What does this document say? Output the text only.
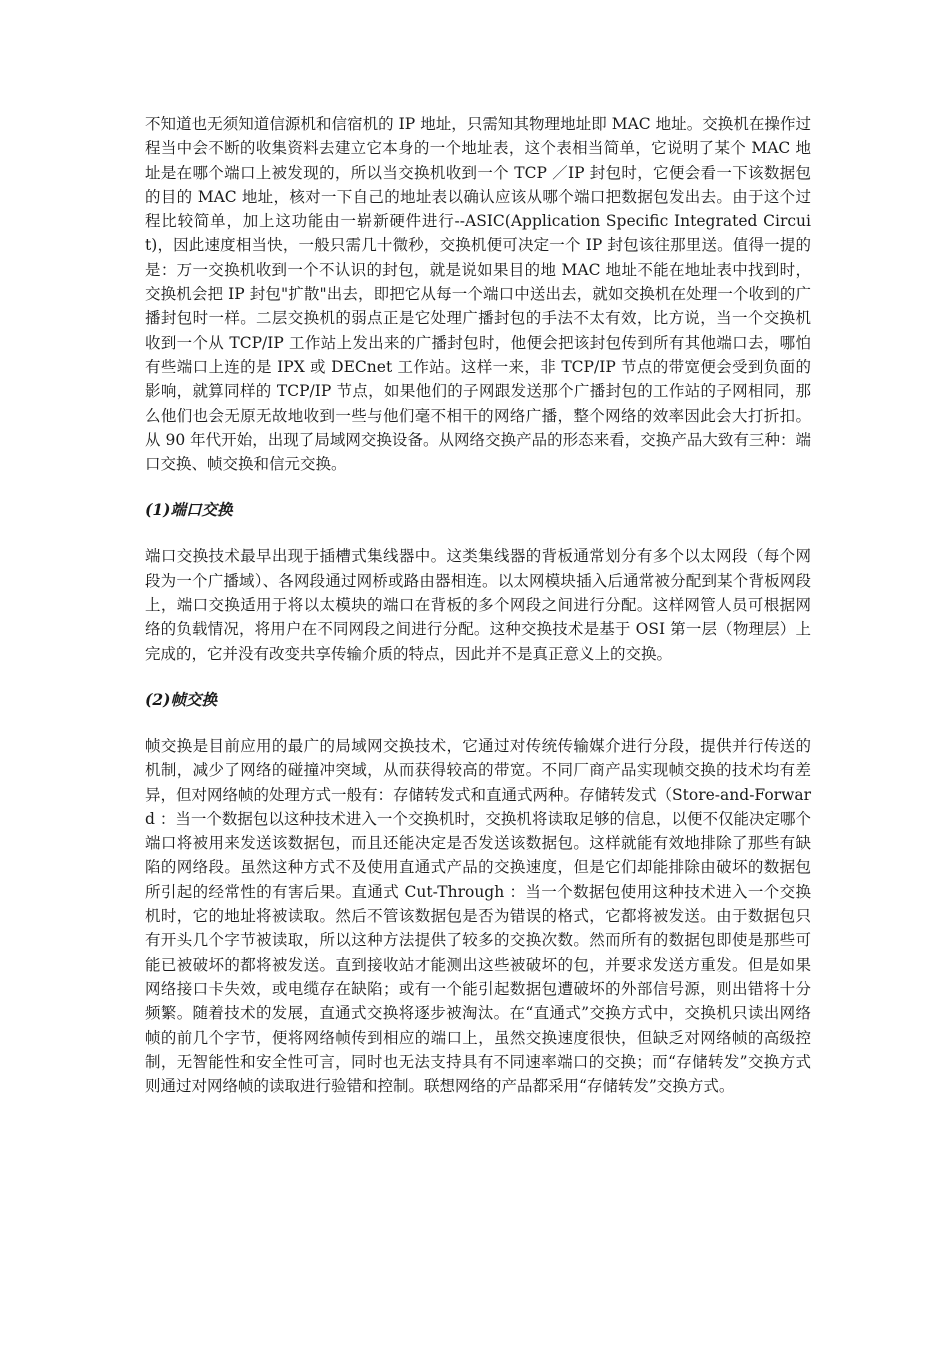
不知道也无须知道信源机和信宿机的 IP 地址，只需知其物理地址即 MAC 地址。交换机在操作过程当中会不断的收集资料去建立它本身的一个地址表，这个表相当简单，它说明了某个 MAC 地址是在哪个端口上被发现的，所以当交换机收到一个 TCP ／IP 封包时，它便会看一下该数据包的目的 MAC 地址，核对一下自己的地址表以确认应该从哪个端口把数据包发出去。由于这个过程比较简单，加上这功能由一崭新硬件进行--ASIC(Application Specific Integrated Circuit)，因此速度相当快，一般只需几十微秒，交换机便可决定一个 IP 封包该往那里送。值得一提的是：万一交换机收到一个不认识的封包，就是说如果目的地 MAC 地址不能在地址表中找到时，交换机会把 IP 封包"扩散"出去，即把它从每一个端口中送出去，就如交换机在处理一个收到的广播封包时一样。二层交换机的弱点正是它处理广播封包的手法不太有效，比方说，当一个交换机收到一个从 TCP/IP 工作站上发出来的广播封包时，他便会把该封包传到所有其他端口去，哪怕有些端口上连的是 IPX 或 DECnet 工作站。这样一来，非 TCP/IP 节点的带宽便会受到负面的影响，就算同样的 TCP/IP 节点，如果他们的子网跟发送那个广播封包的工作站的子网相同，那么他们也会无原无故地收到一些与他们毫不相干的网络广播，整个网络的效率因此会大打折扣。从 90 年代开始，出现了局域网交换设备。从网络交换产品的形态来看，交换产品大致有三种：端口交换、帧交换和信元交换。

(1)端口交换

端口交换技术最早出现于插槽式集线器中。这类集线器的背板通常划分有多个以太网段（每个网段为一个广播域）、各网段通过网桥或路由器相连。以太网模块插入后通常被分配到某个背板网段上，端口交换适用于将以太模块的端口在背板的多个网段之间进行分配。这样网管人员可根据网络的负载情况，将用户在不同网段之间进行分配。这种交换技术是基于 OSI 第一层（物理层）上完成的，它并没有改变共享传输介质的特点，因此并不是真正意义上的交换。

(2)帧交换

帧交换是目前应用的最广的局域网交换技术，它通过对传统传输媒介进行分段，提供并行传送的机制，减少了网络的碰撞冲突域，从而获得较高的带宽。不同厂商产品实现帧交换的技术均有差异，但对网络帧的处理方式一般有：存储转发式和直通式两种。存储转发式（Store-and-Forward ：当一个数据包以这种技术进入一个交换机时，交换机将读取足够的信息，以便不仅能决定哪个端口将被用来发送该数据包，而且还能决定是否发送该数据包。这样就能有效地排除了那些有缺陷的网络段。虽然这种方式不及使用直通式产品的交换速度，但是它们却能排除由破坏的数据包所引起的经常性的有害后果。直通式 Cut-Through ：当一个数据包使用这种技术进入一个交换机时，它的地址将被读取。然后不管该数据包是否为错误的格式，它都将被发送。由于数据包只有开头几个字节被读取，所以这种方法提供了较多的交换次数。然而所有的数据包即使是那些可能已被破坏的都将被发送。直到接收站才能测出这些被破坏的包，并要求发送方重发。但是如果网络接口卡失效，或电缆存在缺陷；或有一个能引起数据包遭破坏的外部信号源，则出错将十分频繁。随着技术的发展，直通式交换将逐步被淘汰。在“直通式”交换方式中，交换机只读出网络帧的前几个字节，便将网络帧传到相应的端口上，虽然交换速度很快，但缺乏对网络帧的高级控制，无智能性和安全性可言，同时也无法支持具有不同速率端口的交换；而“存储转发”交换方式则通过对网络帧的读取进行验错和控制。联想网络的产品都采用“存储转发”交换方式。
